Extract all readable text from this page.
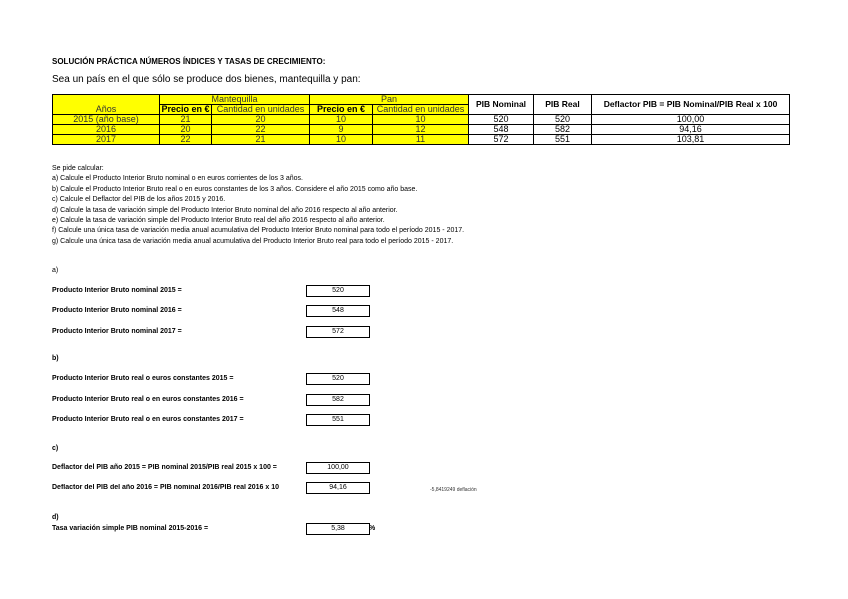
SOLUCIÓN PRÁCTICA NÚMEROS ÍNDICES Y TASAS DE CRECIMIENTO:
Sea un país en el que sólo se produce dos bienes, mantequilla y pan:
	Mantequilla		Pan		PIB Nominal	PIB Real	Deflactor PIB = PIB Nominal/PIB Real x 100
Años	Precio en €	Cantidad en unidades	Precio en €	Cantidad en unidades			
2015 (año base)	21	20	10	10	520	520	100,00
2016	20	22	9	12	548	582	94,16
2017	22	21	10	11	572	551	103,81
Se pide calcular:
a) Calcule el Producto Interior Bruto nominal o en euros corrientes de los 3 años.
b) Calcule el Producto Interior Bruto real o en euros constantes de los 3 años. Considere el año 2015 como año base.
c) Calcule el Deflactor del PIB de los años 2015 y 2016.
d) Calcule la tasa de variación simple del Producto Interior Bruto nominal del año 2016 respecto al año anterior.
e) Calcule la tasa de variación simple del Producto Interior Bruto real del año 2016 respecto al año anterior.
f) Calcule una única tasa de variación media anual acumulativa del Producto Interior Bruto nominal para todo el período 2015 - 2017.
g) Calcule una única tasa de variación media anual acumulativa del Producto Interior Bruto real para todo el período 2015 - 2017.
a)
Producto Interior Bruto nominal 2015 =	520
Producto Interior Bruto nominal 2016 =	548
Producto Interior Bruto nominal 2017 =	572
b)
Producto Interior Bruto real o euros constantes 2015 =	520
Producto Interior Bruto real o en euros constantes 2016 =	582
Producto Interior Bruto real o en euros constantes 2017 =	551
c)
Deflactor del PIB año 2015 = PIB nominal 2015/PIB real 2015 x 100 =	100,00
Deflactor del PIB del año 2016 = PIB nominal 2016/PIB real 2016 x 10	94,16	-5,8419249 deflación
d)
Tasa variación simple PIB nominal 2015-2016 =	5,38	%
